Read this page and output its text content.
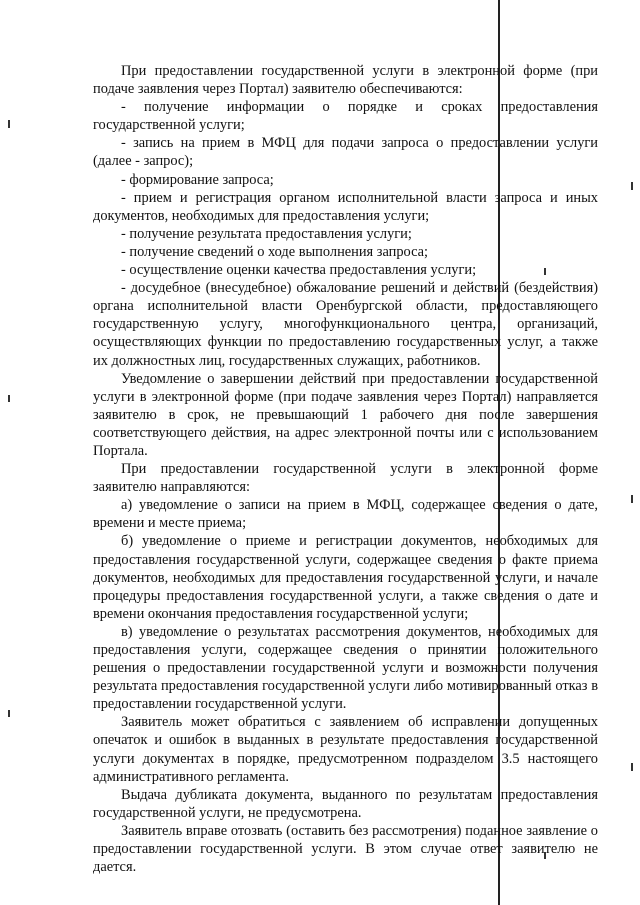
При предоставлении государственной услуги в электронной форме (при подаче заявления через Портал) заявителю обеспечиваются:

- получение информации о порядке и сроках предоставления государственной услуги;

- запись на прием в МФЦ для подачи запроса о предоставлении услуги (далее - запрос);

- формирование запроса;

- прием и регистрация органом исполнительной власти запроса и иных документов, необходимых для предоставления услуги;

- получение результата предоставления услуги;

- получение сведений о ходе выполнения запроса;

- осуществление оценки качества предоставления услуги;

- досудебное (внесудебное) обжалование решений и действий (бездействия) органа исполнительной власти Оренбургской области, предоставляющего государственную услугу, многофункционального центра, организаций, осуществляющих функции по предоставлению государственных услуг, а также их должностных лиц, государственных служащих, работников.

Уведомление о завершении действий при предоставлении государственной услуги в электронной форме (при подаче заявления через Портал) направляется заявителю в срок, не превышающий 1 рабочего дня после завершения соответствующего действия, на адрес электронной почты или с использованием Портала.

При предоставлении государственной услуги в электронной форме заявителю направляются:

а) уведомление о записи на прием в МФЦ, содержащее сведения о дате, времени и месте приема;

б) уведомление о приеме и регистрации документов, необходимых для предоставления государственной услуги, содержащее сведения о факте приема документов, необходимых для предоставления государственной услуги, и начале процедуры предоставления государственной услуги, а также сведения о дате и времени окончания предоставления государственной услуги;

в) уведомление о результатах рассмотрения документов, необходимых для предоставления услуги, содержащее сведения о принятии положительного решения о предоставлении государственной услуги и возможности получения результата предоставления государственной услуги либо мотивированный отказ в предоставлении государственной услуги.

Заявитель может обратиться с заявлением об исправлении допущенных опечаток и ошибок в выданных в результате предоставления государственной услуги документах в порядке, предусмотренном подразделом 3.5 настоящего административного регламента.

Выдача дубликата документа, выданного по результатам предоставления государственной услуги, не предусмотрена.

Заявитель вправе отозвать (оставить без рассмотрения) поданное заявление о предоставлении государственной услуги. В этом случае ответ заявителю не дается.
